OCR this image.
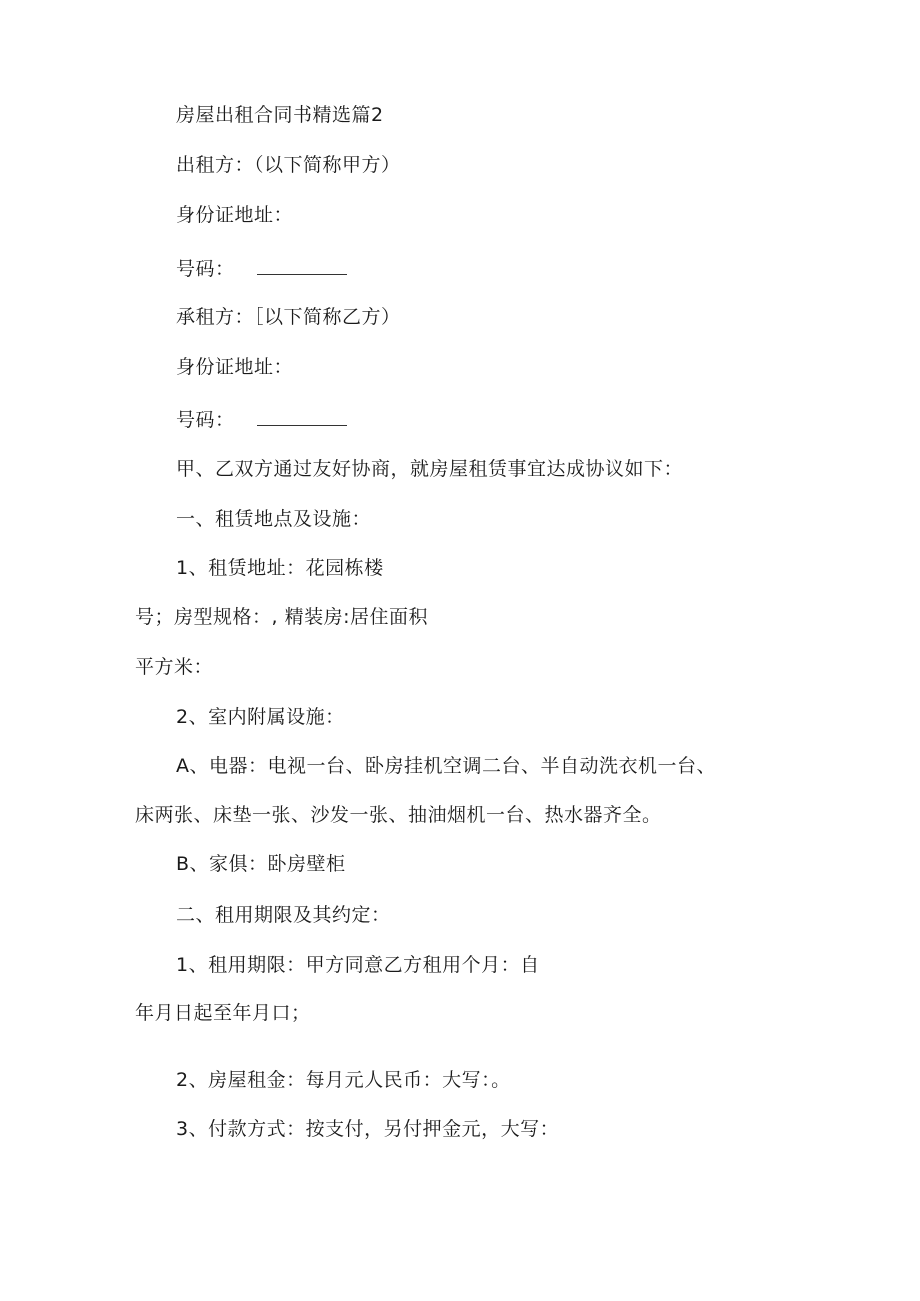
房屋出租合同书精选篇2
出租方：（以下简称甲方）
身份证地址：
号码：
承租方：［以下简称乙方）
身份证地址：
号码：
甲、乙双方通过友好协商，就房屋租赁事宜达成协议如下：
一、租赁地点及设施：
1、租赁地址：花园栋楼
号；房型规格：, 精装房:居住面积
平方米：
2、室内附属设施：
A、电器：电视一台、卧房挂机空调二台、半自动洗衣机一台、
床两张、床垫一张、沙发一张、抽油烟机一台、热水器齐全。
B、家俱：卧房壁柜
二、租用期限及其约定：
1、租用期限：甲方同意乙方租用个月：自
年月日起至年月口；
2、房屋租金：每月元人民币：大写：。
3、付款方式：按支付，另付押金元，大写：
